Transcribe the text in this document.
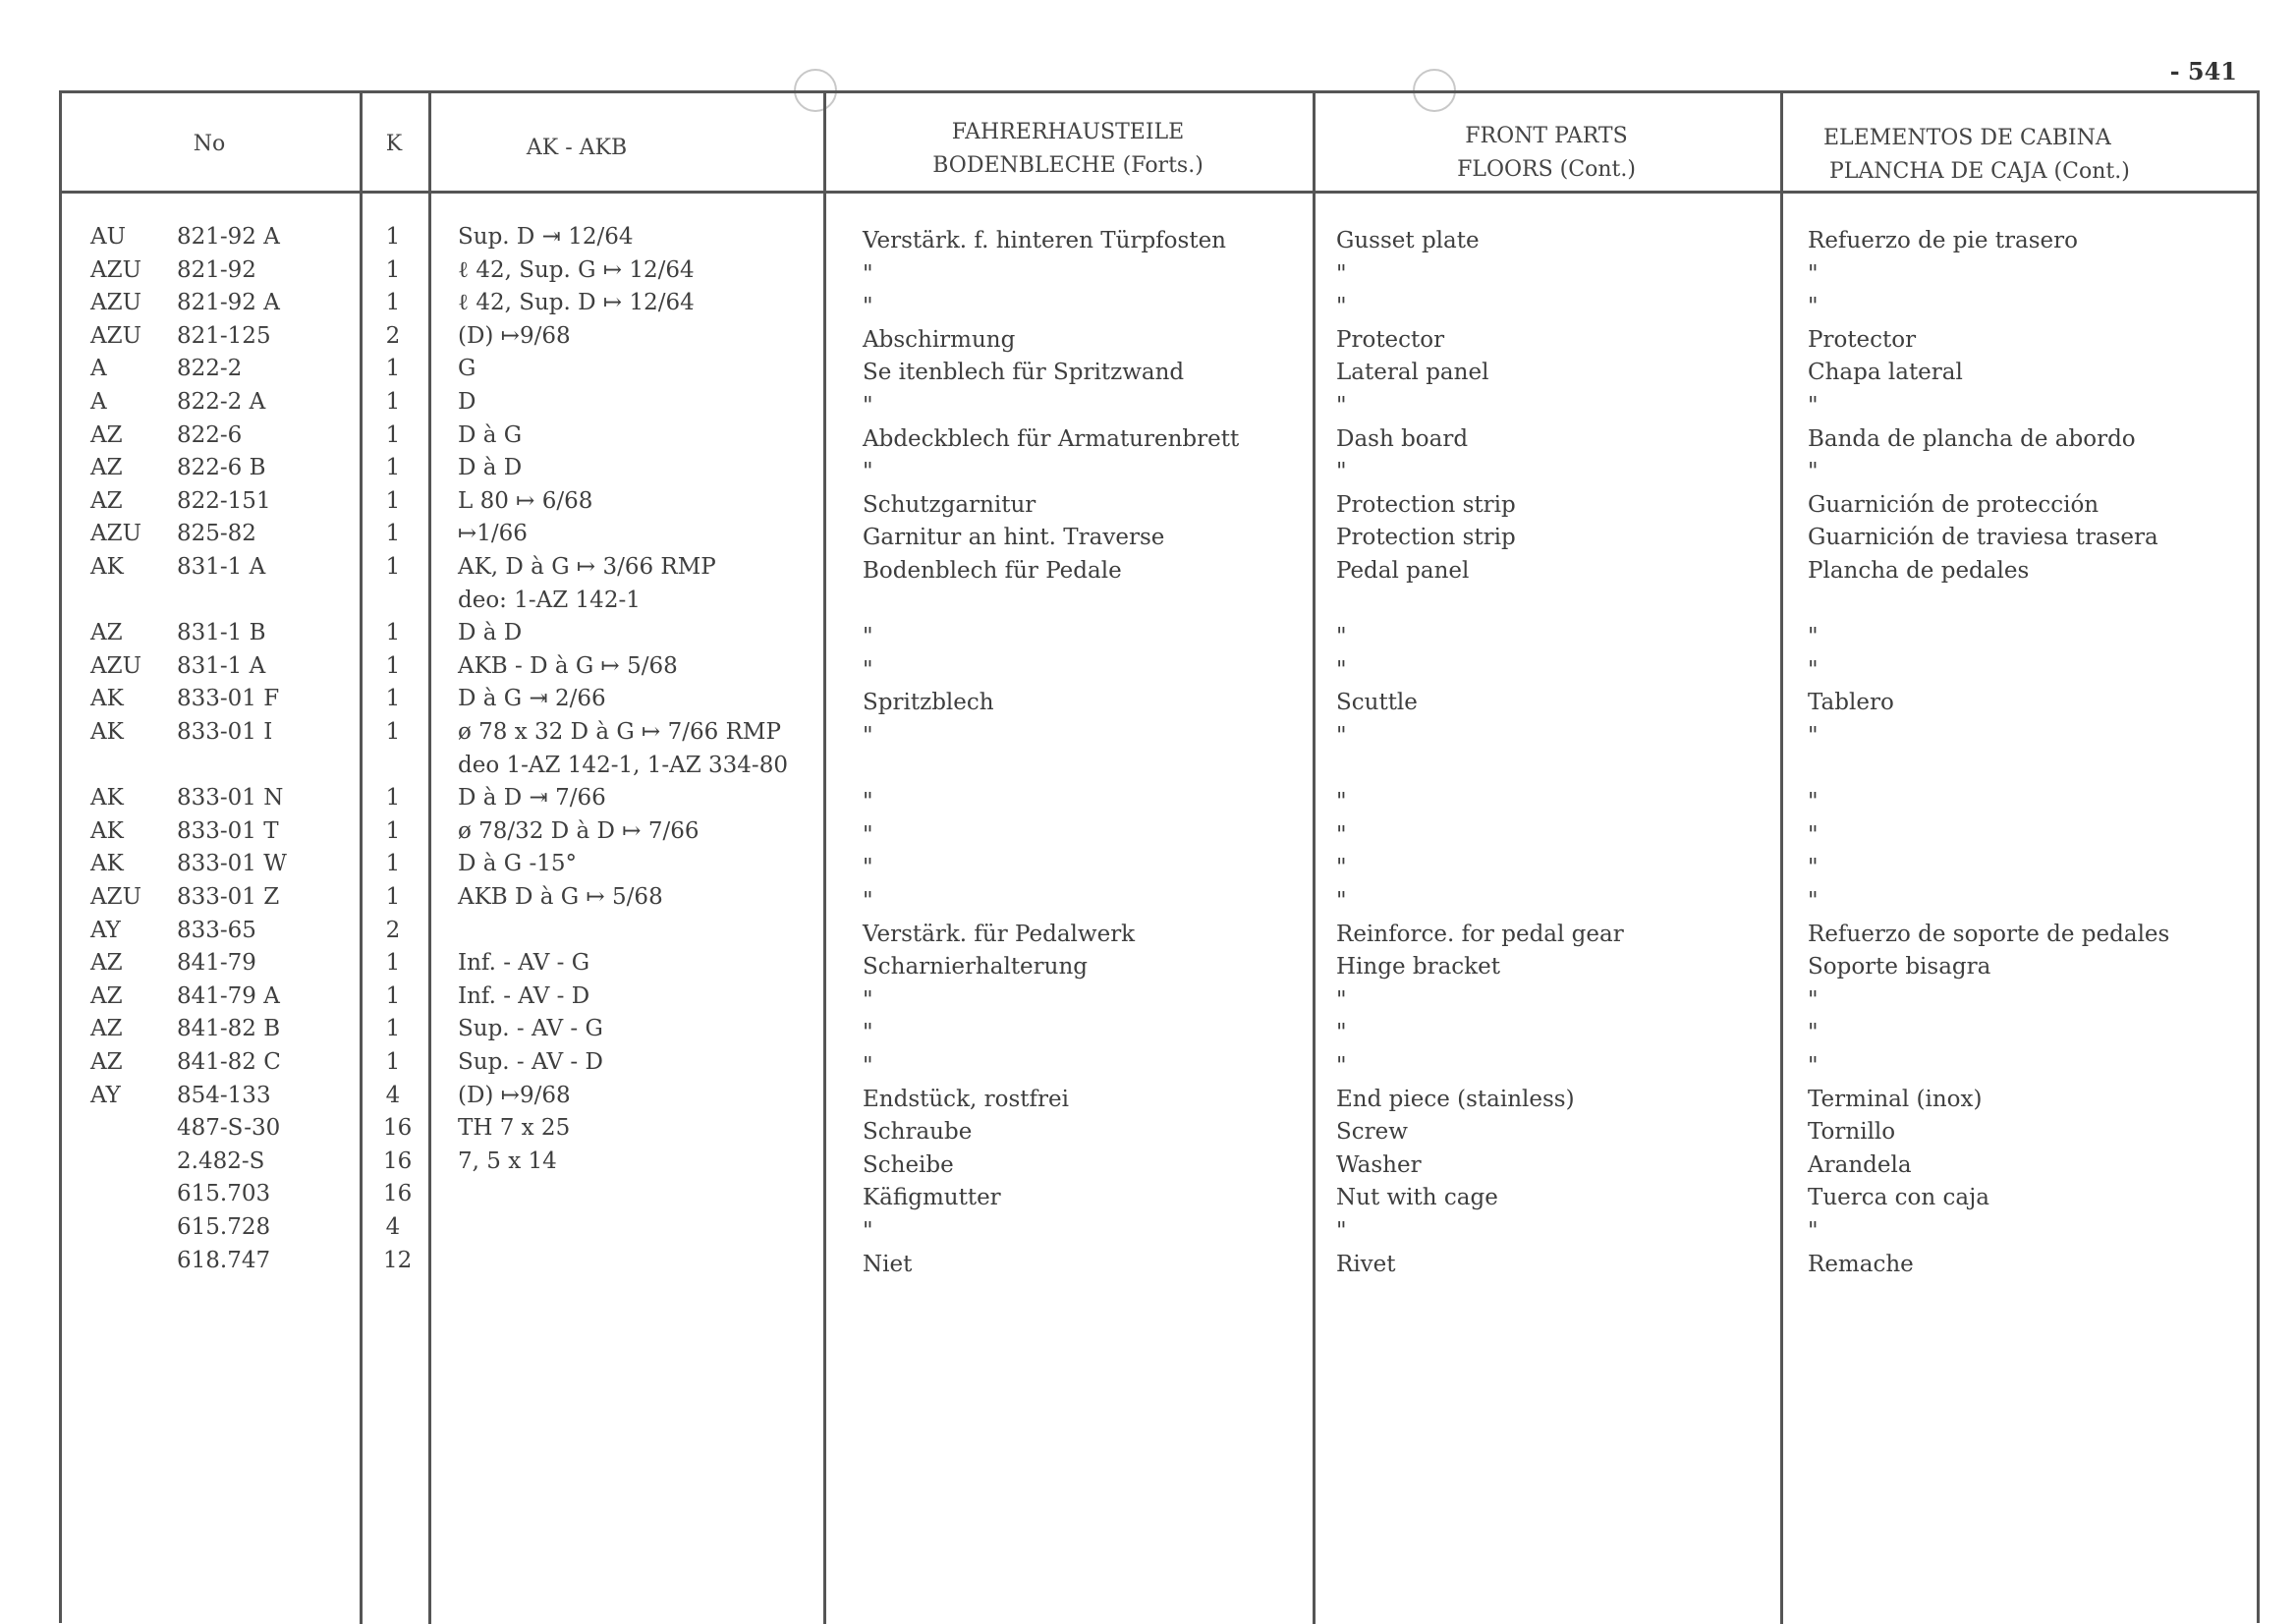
- 541
No	K	AK - AKB
FAHRERHAUSTEILE
BODENBLECHE (Forts.)
FRONT PARTS
FLOORS (Cont.)
ELEMENTOS DE CABINA
PLANCHA DE CAJA (Cont.)
AU 821-92 A	1	Sup. D ⇥ 12/64	Verstärk. f. hinteren Türpfosten	Gusset plate	Refuerzo de pie trasero
AZU 821-92	1	ℓ 42, Sup. G ↦ 12/64	"	"	"
AZU 821-92 A	1	ℓ 42, Sup. D ↦ 12/64	"	"	"
AZU 821-125	2	(D) ↦9/68	Abschirmung	Protector	Protector
A	822-2	1	G	Se itenblech für Spritzwand	Lateral panel	Chapa lateral
A	822-2 A	1	D	"	"	"
AZ 822-6	1	D à G	Abdeckblech für Armaturenbrett	Dash board	Banda de plancha de abordo
AZ 822-6 B	1	D à D	"	"	"
AZ 822-151	1	L 80 ↦ 6/68	Schutzgarnitur	Protection strip	Guarnición de protección
AZU 825-82	1	↦1/66	Garnitur an hint. Traverse	Protection strip	Guarnición de traviesa trasera
AK 831-1 A	1	AK, D à G ↦ 3/66 RMP	Bodenblech für Pedale	Pedal panel	Plancha de pedales
deo: 1-AZ 142-1
AZ 831-1 B	1	D à D	"	"	"
AZU 831-1 A	1	AKB - D à G ↦ 5/68	"	"	"
AK 833-01 F	1	D à G ⇥ 2/66	Spritzblech	Scuttle	Tablero
AK 833-01 I	1	ø 78 x 32 D à G ↦ 7/66 RMP	"	"	"
deo 1-AZ 142-1, 1-AZ 334-80
AK 833-01 N	1	D à D ⇥ 7/66	"	"	"
AK 833-01 T	1	ø 78/32 D à D ↦ 7/66	"	"	"
AK 833-01 W	1	D à G -15°	"	"	"
AZU 833-01 Z	1	AKB D à G ↦ 5/68	"	"	"
AY 833-65	2	Verstärk. für Pedalwerk	Reinforce. for pedal gear	Refuerzo de soporte de pedales
AZ 841-79	1	Inf. - AV - G	Scharnierhalterung	Hinge bracket	Soporte bisagra
AZ 841-79 A	1	Inf. - AV - D	"	"	"
AZ 841-82 B	1	Sup. - AV - G	"	"	"
AZ 841-82 C	1	Sup. - AV - D	"	"	"
AY 854-133	4	(D) ↦9/68	Endstück, rostfrei	End piece (stainless)	Terminal (inox)
487-S-30	16 TH 7 x 25	Schraube	Screw	Tornillo
2.482-S	16 7, 5 x 14	Scheibe	Washer	Arandela
615.703	16	Käfigmutter	Nut with cage	Tuerca con caja
615.728	4	"	"	"
618.747	12	Niet	Rivet	Remache
